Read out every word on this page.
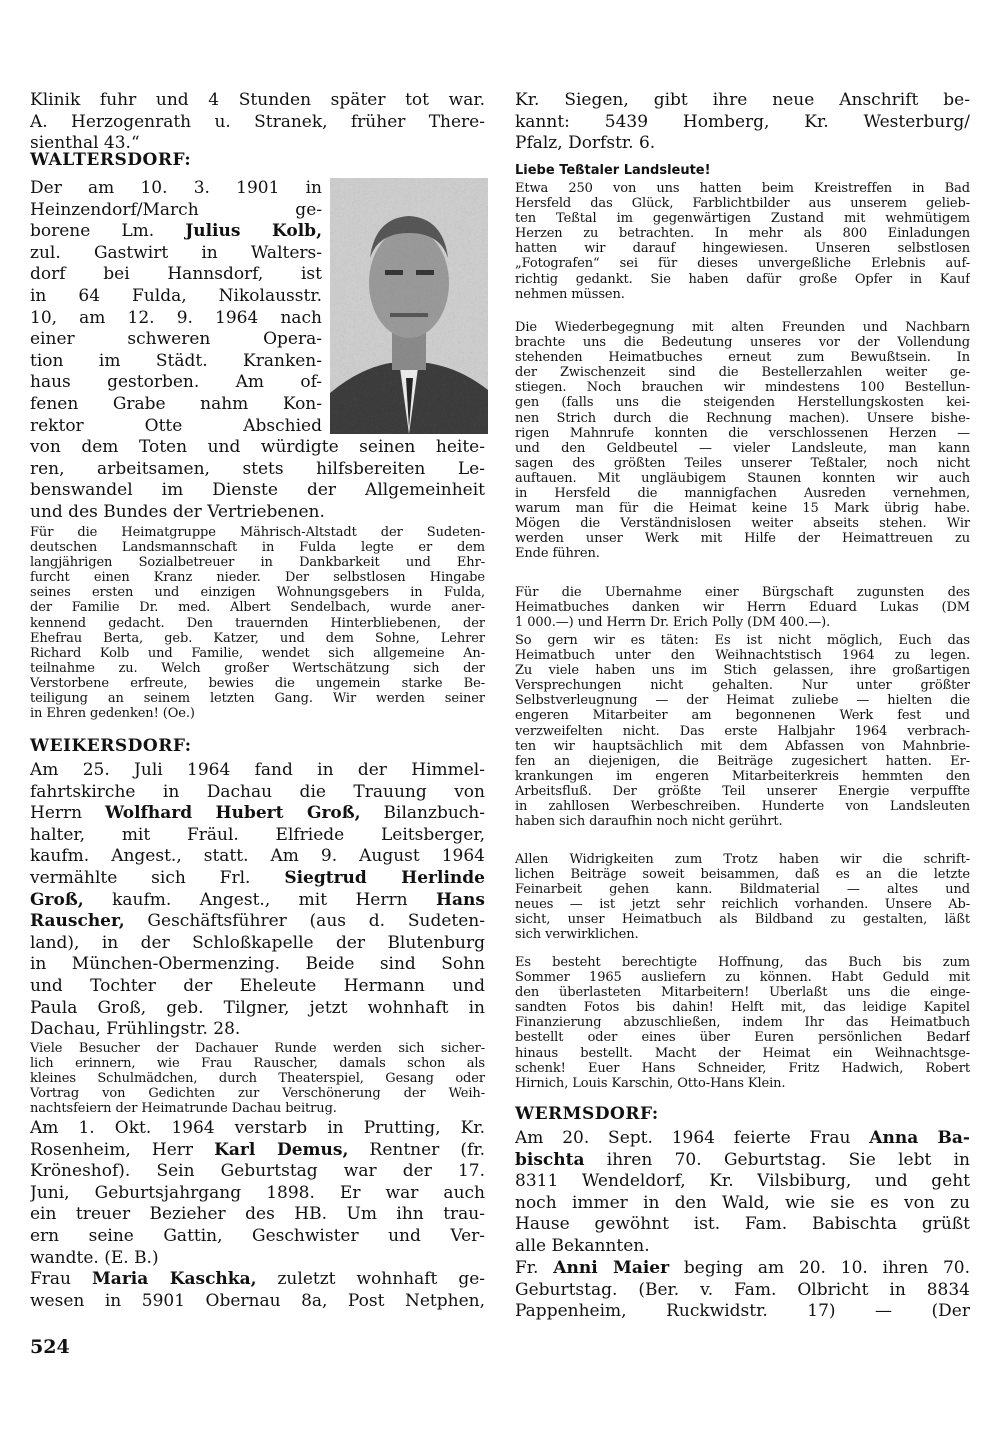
Klinik fuhr und 4 Stunden später tot war.
A. Herzogenrath u. Stranek, früher There-
sienthal 43.“
WALTERSDORF:
Der am 10. 3. 1901 in
Heinzendorf/March ge-
borene Lm. Julius Kolb,
zul. Gastwirt in Walters-
dorf bei Hannsdorf, ist
in 64 Fulda, Nikolausstr.
10, am 12. 9. 1964 nach
einer schweren Opera-
tion im Städt. Kranken-
haus gestorben. Am of-
fenen Grabe nahm Kon-
rektor Otte Abschied
von dem Toten und würdigte seinen heite-
ren, arbeitsamen, stets hilfsbereiten Le-
benswandel im Dienste der Allgemeinheit
und des Bundes der Vertriebenen.
Für die Heimatgruppe Mährisch-Altstadt der Sudeten-
deutschen Landsmannschaft in Fulda legte er dem
langjährigen Sozialbetreuer in Dankbarkeit und Ehr-
furcht einen Kranz nieder. Der selbstlosen Hingabe
seines ersten und einzigen Wohnungsgebers in Fulda,
der Familie Dr. med. Albert Sendelbach, wurde aner-
kennend gedacht. Den trauernden Hinterbliebenen, der
Ehefrau Berta, geb. Katzer, und dem Sohne, Lehrer
Richard Kolb und Familie, wendet sich allgemeine An-
teilnahme zu. Welch großer Wertschätzung sich der
Verstorbene erfreute, bewies die ungemein starke Be-
teiligung an seinem letzten Gang. Wir werden seiner
in Ehren gedenken! (Oe.)
WEIKERSDORF:
Am 25. Juli 1964 fand in der Himmel-
fahrtskirche in Dachau die Trauung von
Herrn Wolfhard Hubert Groß, Bilanzbuch-
halter, mit Fräul. Elfriede Leitsberger,
kaufm. Angest., statt. Am 9. August 1964
vermählte sich Frl. Siegtrud Herlinde
Groß, kaufm. Angest., mit Herrn Hans
Rauscher, Geschäftsführer (aus d. Sudeten-
land), in der Schloßkapelle der Blutenburg
in München-Obermenzing. Beide sind Sohn
und Tochter der Eheleute Hermann und
Paula Groß, geb. Tilgner, jetzt wohnhaft in
Dachau, Frühlingstr. 28.
Viele Besucher der Dachauer Runde werden sich sicher-
lich erinnern, wie Frau Rauscher, damals schon als
kleines Schulmädchen, durch Theaterspiel, Gesang oder
Vortrag von Gedichten zur Verschönerung der Weih-
nachtsfeiern der Heimatrunde Dachau beitrug.
Am 1. Okt. 1964 verstarb in Prutting, Kr.
Rosenheim, Herr Karl Demus, Rentner (fr.
Kröneshof). Sein Geburtstag war der 17.
Juni, Geburtsjahrgang 1898. Er war auch
ein treuer Bezieher des HB. Um ihn trau-
ern seine Gattin, Geschwister und Ver-
wandte. (E. B.)
Frau Maria Kaschka, zuletzt wohnhaft ge-
wesen in 5901 Obernau 8a, Post Netphen,
524
Kr. Siegen, gibt ihre neue Anschrift be-
kannt: 5439 Homberg, Kr. Westerburg/
Pfalz, Dorfstr. 6.
Liebe Teßtaler Landsleute!
Etwa 250 von uns hatten beim Kreistreffen in Bad
Hersfeld das Glück, Farblichtbilder aus unserem gelieb-
ten Teßtal im gegenwärtigen Zustand mit wehmütigem
Herzen zu betrachten. In mehr als 800 Einladungen
hatten wir darauf hingewiesen. Unseren selbstlosen
„Fotografen“ sei für dieses unvergeßliche Erlebnis auf-
richtig gedankt. Sie haben dafür große Opfer in Kauf
nehmen müssen.
Die Wiederbegegnung mit alten Freunden und Nachbarn
brachte uns die Bedeutung unseres vor der Vollendung
stehenden Heimatbuches erneut zum Bewußtsein. In
der Zwischenzeit sind die Bestellerzahlen weiter ge-
stiegen. Noch brauchen wir mindestens 100 Bestellun-
gen (falls uns die steigenden Herstellungskosten kei-
nen Strich durch die Rechnung machen). Unsere bishe-
rigen Mahnrufe konnten die verschlossenen Herzen —
und den Geldbeutel — vieler Landsleute, man kann
sagen des größten Teiles unserer Teßtaler, noch nicht
auftauen. Mit ungläubigem Staunen konnten wir auch
in Hersfeld die mannigfachen Ausreden vernehmen,
warum man für die Heimat keine 15 Mark übrig habe.
Mögen die Verständnislosen weiter abseits stehen. Wir
werden unser Werk mit Hilfe der Heimattreuen zu
Ende führen.
Für die Übernahme einer Bürgschaft zugunsten des
Heimatbuches danken wir Herrn Eduard Lukas (DM
1 000.—) und Herrn Dr. Erich Polly (DM 400.—).
So gern wir es täten: Es ist nicht möglich, Euch das
Heimatbuch unter den Weihnachtstisch 1964 zu legen.
Zu viele haben uns im Stich gelassen, ihre großartigen
Versprechungen nicht gehalten. Nur unter größter
Selbstverleugnung — der Heimat zuliebe — hielten die
engeren Mitarbeiter am begonnenen Werk fest und
verzweifelten nicht. Das erste Halbjahr 1964 verbrach-
ten wir hauptsächlich mit dem Abfassen von Mahnbrie-
fen an diejenigen, die Beiträge zugesichert hatten. Er-
krankungen im engeren Mitarbeiterkreis hemmten den
Arbeitsfluß. Der größte Teil unserer Energie verpuffte
in zahllosen Werbeschreiben. Hunderte von Landsleuten
haben sich daraufhin noch nicht gerührt.
Allen Widrigkeiten zum Trotz haben wir die schrift-
lichen Beiträge soweit beisammen, daß es an die letzte
Feinarbeit gehen kann. Bildmaterial — altes und
neues — ist jetzt sehr reichlich vorhanden. Unsere Ab-
sicht, unser Heimatbuch als Bildband zu gestalten, läßt
sich verwirklichen.
Es besteht berechtigte Hoffnung, das Buch bis zum
Sommer 1965 ausliefern zu können. Habt Geduld mit
den überlasteten Mitarbeitern! Überlaßt uns die einge-
sandten Fotos bis dahin! Helft mit, das leidige Kapitel
Finanzierung abzuschließen, indem Ihr das Heimatbuch
bestellt oder eines über Euren persönlichen Bedarf
hinaus bestellt. Macht der Heimat ein Weihnachtsge-
schenk! Euer Hans Schneider, Fritz Hadwich, Robert
Hirnich, Louis Karschin, Otto-Hans Klein.
WERMSDORF:
Am 20. Sept. 1964 feierte Frau Anna Ba-
bischta ihren 70. Geburtstag. Sie lebt in
8311 Wendeldorf, Kr. Vilsbiburg, und geht
noch immer in den Wald, wie sie es von zu
Hause gewöhnt ist. Fam. Babischta grüßt
alle Bekannten.
Fr. Anni Maier beging am 20. 10. ihren 70.
Geburtstag. (Ber. v. Fam. Olbricht in 8834
Pappenheim, Ruckwidstr. 17) — (Der
